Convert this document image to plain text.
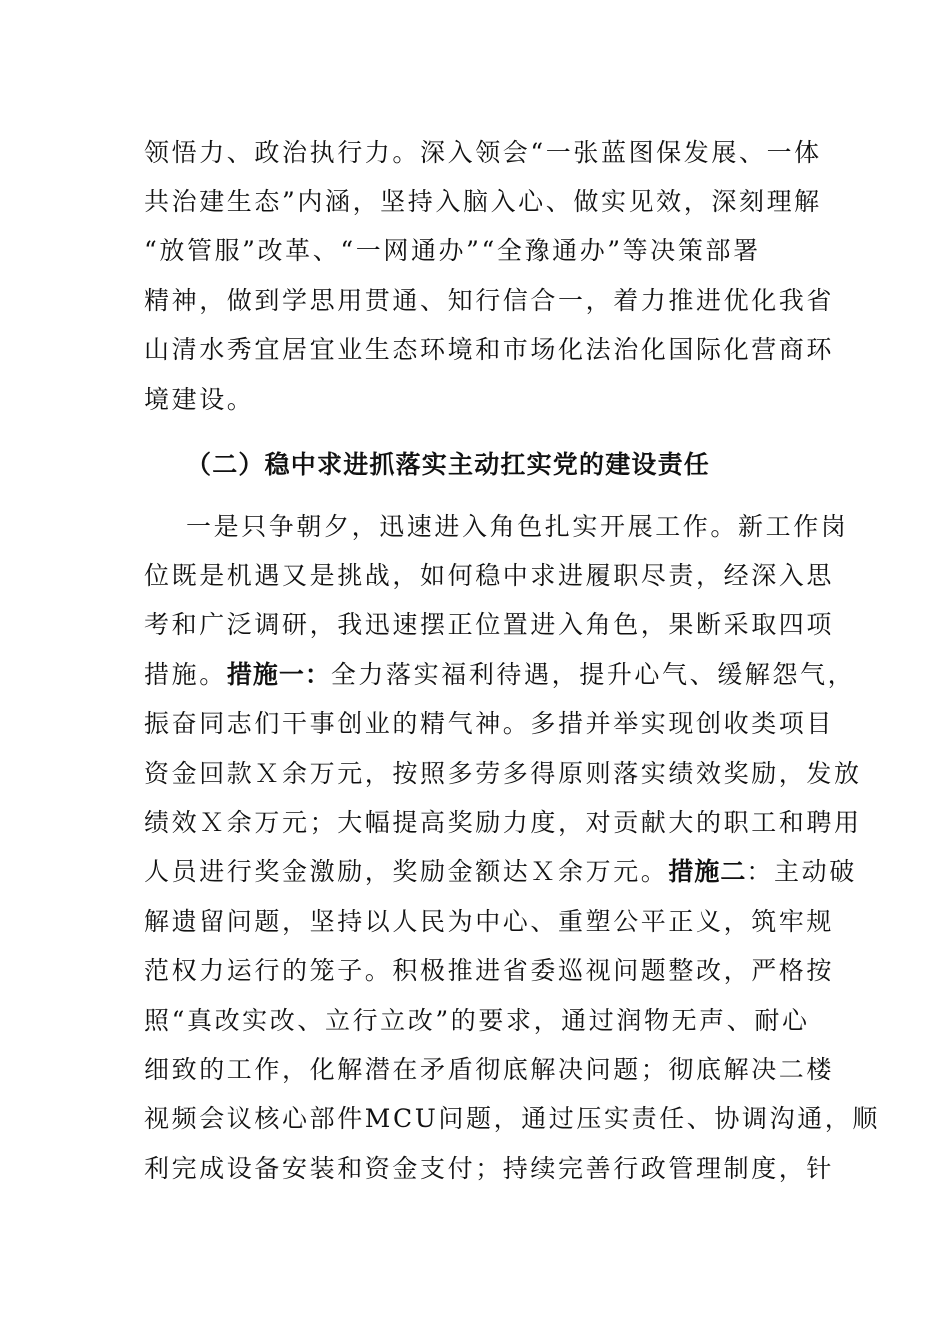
领悟力、政治执行力。深入领会“一张蓝图保发展、一体
共治建生态”内涵，坚持入脑入心、做实见效，深刻理解
“放管服”改革、“一网通办”“全豫通办”等决策部署
精神，做到学思用贯通、知行信合一，着力推进优化我省
山清水秀宜居宜业生态环境和市场化法治化国际化营商环
境建设。
（二）稳中求进抓落实主动扛实党的建设责任
一是只争朝夕，迅速进入角色扎实开展工作。新工作岗
位既是机遇又是挑战，如何稳中求进履职尽责，经深入思
考和广泛调研，我迅速摆正位置进入角色，果断采取四项
措施。措施一：全力落实福利待遇，提升心气、缓解怨气，
振奋同志们干事创业的精气神。多措并举实现创收类项目
资金回款Ｘ余万元，按照多劳多得原则落实绩效奖励，发放
绩效Ｘ余万元；大幅提高奖励力度，对贡献大的职工和聘用
人员进行奖金激励，奖励金额达Ｘ余万元。措施二：主动破
解遗留问题，坚持以人民为中心、重塑公平正义，筑牢规
范权力运行的笼子。积极推进省委巡视问题整改，严格按
照“真改实改、立行立改”的要求，通过润物无声、耐心
细致的工作，化解潜在矛盾彻底解决问题；彻底解决二楼
视频会议核心部件MCU问题，通过压实责任、协调沟通，顺
利完成设备安装和资金支付；持续完善行政管理制度，针
